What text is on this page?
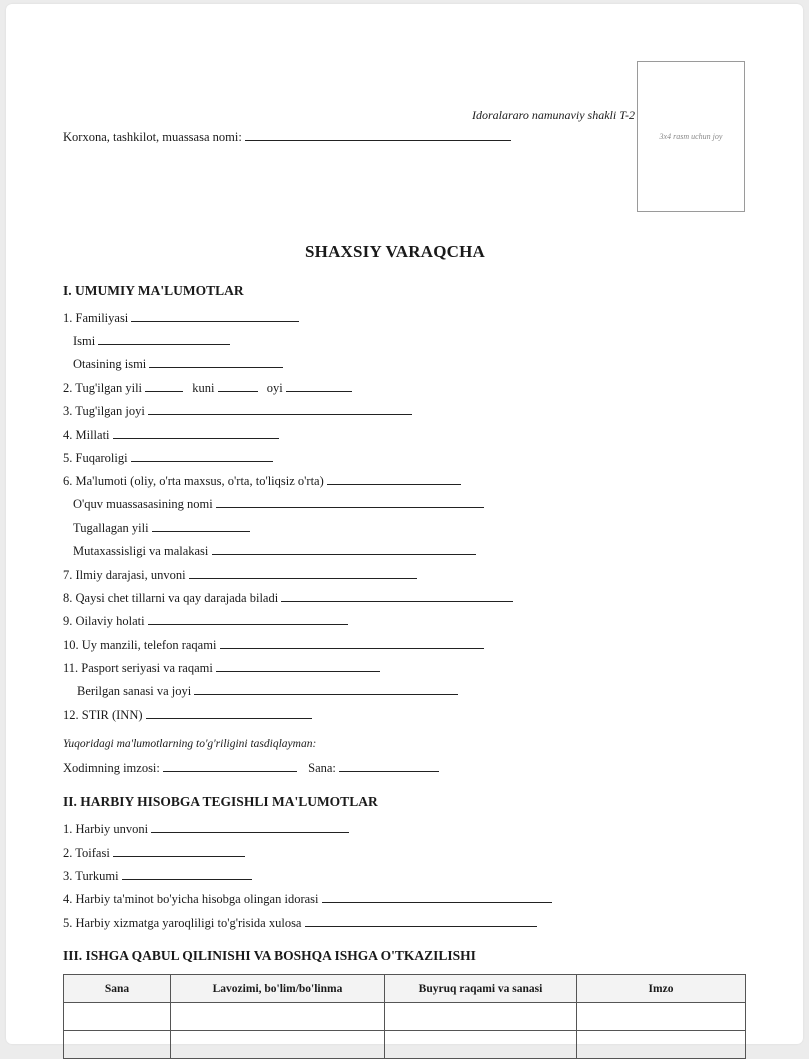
Idoralararo namunaviy shakli T-2
Korxona, tashkilot, muassasa nomi:	3x4 rasm uchun joy
SHAXSIY VARAQCHA
I. UMUMIY MA'LUMOTLAR
1. Familiyasi
Ismi
Otasining ismi
2. Tug'ilgan yili	kuni	oyi
3. Tug'ilgan joyi
4. Millati
5. Fuqaroligi
6. Ma'lumoti (oliy, o'rta maxsus, o'rta, to'liqsiz o'rta)
O'quv muassasasining nomi
Tugallagan yili
Mutaxassisligi va malakasi
7. Ilmiy darajasi, unvoni
8. Qaysi chet tillarni va qay darajada biladi
9. Oilaviy holati
10. Uy manzili, telefon raqami
11. Pasport seriyasi va raqami
Berilgan sanasi va joyi
12. STIR (INN)
Yuqoridagi ma'lumotlarning to'g'riligini tasdiqlayman:
Xodimning imzosi:	Sana:
II. HARBIY HISOBGA TEGISHLI MA'LUMOTLAR
1. Harbiy unvoni
2. Toifasi
3. Turkumi
4. Harbiy ta'minot bo'yicha hisobga olingan idorasi
5. Harbiy xizmatga yaroqliligi to'g'risida xulosa
III. ISHGA QABUL QILINISHI VA BOSHQA ISHGA O'TKAZILISHI
Sana	Lavozimi, bo'lim/bo'linma	Buyruq raqami va sanasi	Imzo
